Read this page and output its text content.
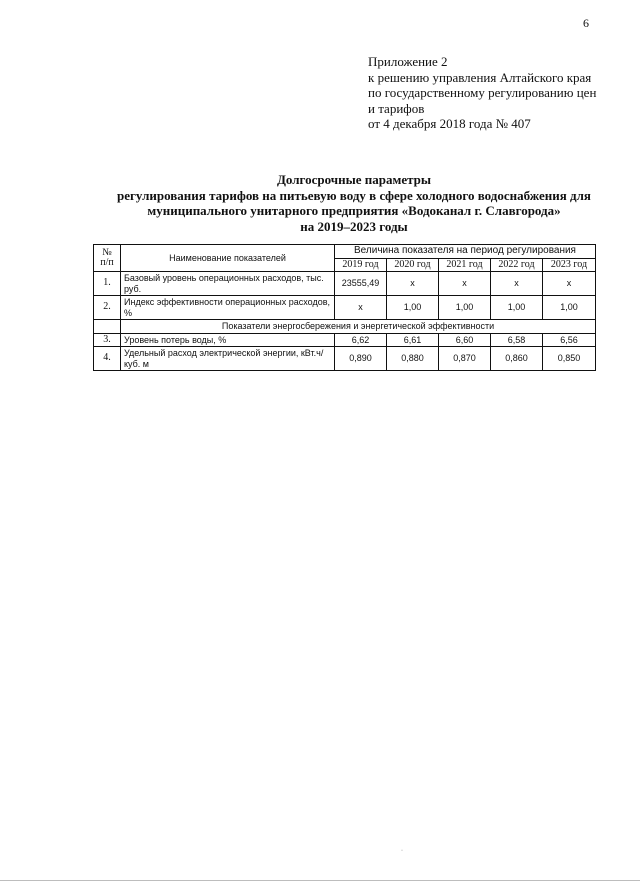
6
Приложение 2
к решению управления Алтайского края
по государственному регулированию цен
и тарифов
от 4 декабря 2018 года № 407
Долгосрочные параметры
регулирования тарифов на питьевую воду в сфере холодного водоснабжения для
муниципального унитарного предприятия «Водоканал г. Славгорода»
на 2019–2023 годы
№
п/п	Наименование показателей	Величина показателя на период регулирования				
		2019 год	2020 год	2021 год	2022 год	2023 год
1.	Базовый уровень операционных расходов, тыс. руб.	23555,49	x	x	x	x
2.	Индекс эффективности операционных расходов, %	x	1,00	1,00	1,00	1,00
	Показатели энергосбережения и энергетической эффективности					
3.	Уровень потерь воды, %	6,62	6,61	6,60	6,58	6,56
4.	Удельный расход электрической энергии, кВт.ч/куб. м	0,890	0,880	0,870	0,860	0,850
·
